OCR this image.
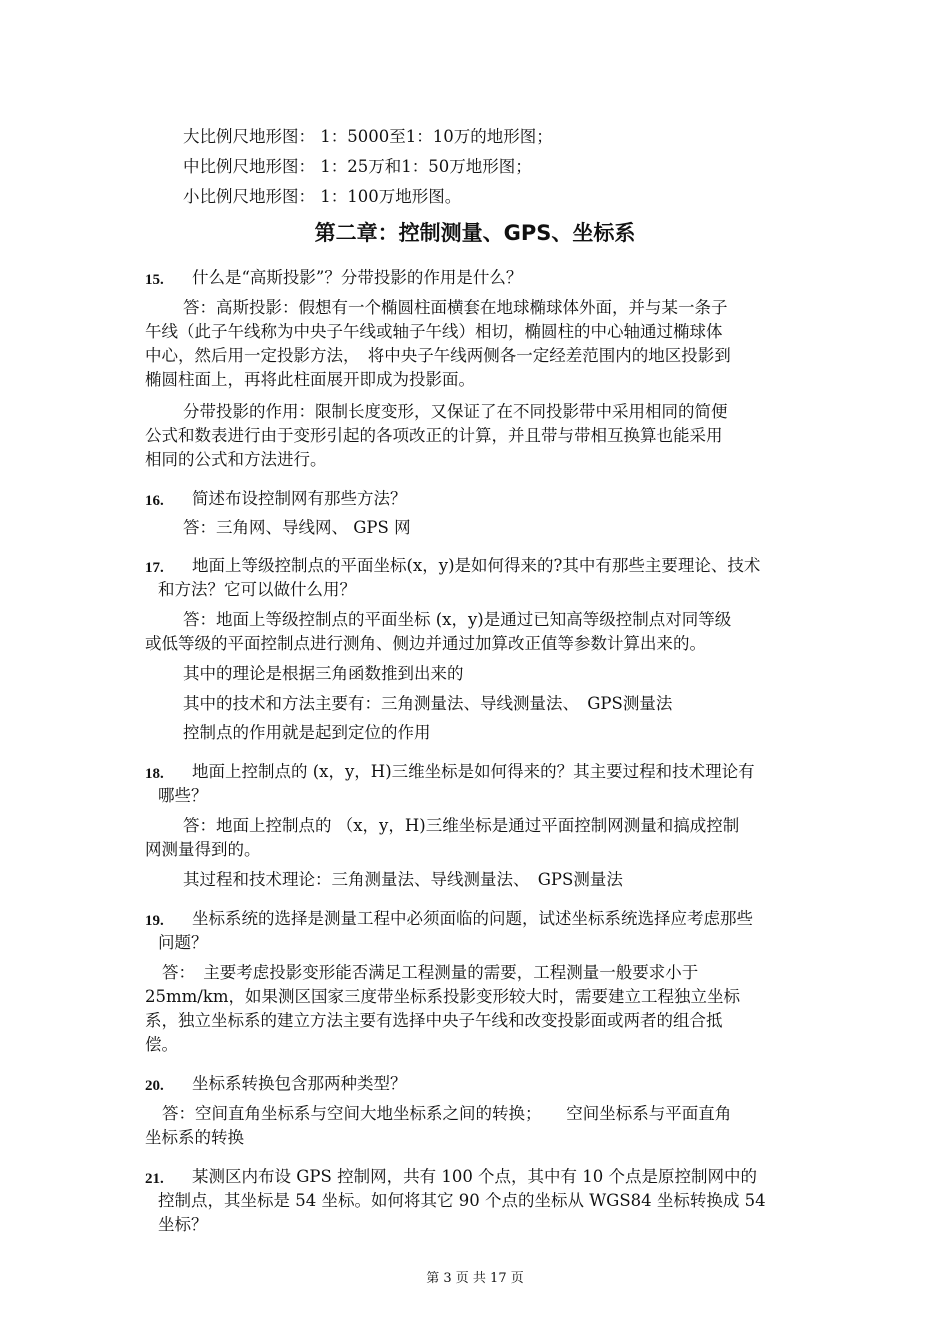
大比例尺地形图： 1：5000至1：10万的地形图；
中比例尺地形图： 1：25万和1：50万地形图；
小比例尺地形图： 1：100万地形图。
第二章：控制测量、GPS、坐标系
15. 什么是“高斯投影”？分带投影的作用是什么？
答：高斯投影：假想有一个椭圆柱面横套在地球椭球体外面，并与某一条子
午线（此子午线称为中央子午线或轴子午线）相切，椭圆柱的中心轴通过椭球体
中心，然后用一定投影方法，　将中央子午线两侧各一定经差范围内的地区投影到
椭圆柱面上，再将此柱面展开即成为投影面。
分带投影的作用：限制长度变形，又保证了在不同投影带中采用相同的简便
公式和数表进行由于变形引起的各项改正的计算，并且带与带相互换算也能采用
相同的公式和方法进行。
16. 简述布设控制网有那些方法？
答：三角网、导线网、 GPS 网
17. 地面上等级控制点的平面坐标(x，y)是如何得来的?其中有那些主要理论、技术
和方法？它可以做什么用？
答：地面上等级控制点的平面坐标 (x，y)是通过已知高等级控制点对同等级
或低等级的平面控制点进行测角、侧边并通过加算改正值等参数计算出来的。
其中的理论是根据三角函数推到出来的
其中的技术和方法主要有：三角测量法、导线测量法、　GPS测量法
控制点的作用就是起到定位的作用
18. 地面上控制点的 (x，y，H)三维坐标是如何得来的？其主要过程和技术理论有
哪些？
答：地面上控制点的 （x，y，H)三维坐标是通过平面控制网测量和搞成控制
网测量得到的。
其过程和技术理论：三角测量法、导线测量法、　GPS测量法
19. 坐标系统的选择是测量工程中必须面临的问题，试述坐标系统选择应考虑那些
问题？
答：　主要考虑投影变形能否满足工程测量的需要，工程测量一般要求小于
25mm/km，如果测区国家三度带坐标系投影变形较大时，需要建立工程独立坐标
系，独立坐标系的建立方法主要有选择中央子午线和改变投影面或两者的组合抵
偿。
20. 坐标系转换包含那两种类型？
答：空间直角坐标系与空间大地坐标系之间的转换；　　空间坐标系与平面直角
坐标系的转换
21. 某测区内布设 GPS 控制网，共有 100 个点，其中有 10 个点是原控制网中的
控制点，其坐标是 54 坐标。如何将其它 90 个点的坐标从 WGS84 坐标转换成 54
坐标？
第 3 页 共 17 页
